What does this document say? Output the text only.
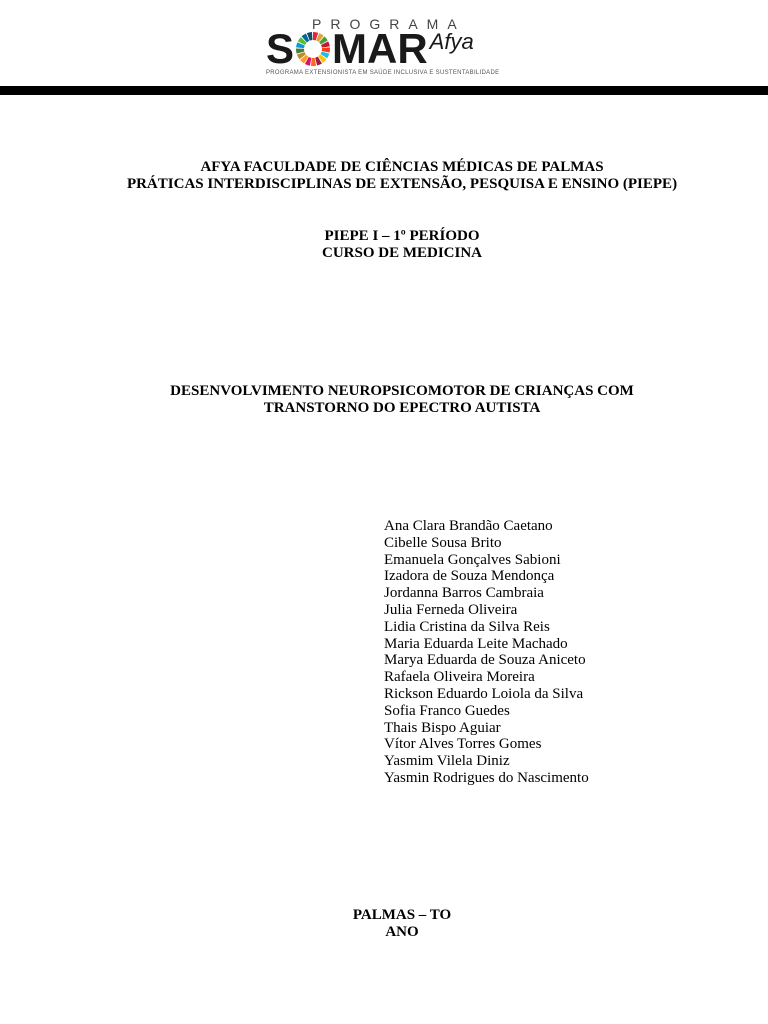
PROGRAMA
S MAR Afya
PROGRAMA EXTENSIONISTA EM SAÚDE INCLUSIVA E SUSTENTABILIDADE
AFYA FACULDADE DE CIÊNCIAS MÉDICAS DE PALMAS
PRÁTICAS INTERDISCIPLINAS DE EXTENSÃO, PESQUISA E ENSINO (PIEPE)
PIEPE I – 1º PERÍODO
CURSO DE MEDICINA
DESENVOLVIMENTO NEUROPSICOMOTOR DE CRIANÇAS COM
TRANSTORNO DO EPECTRO AUTISTA
Ana Clara Brandão Caetano
Cibelle Sousa Brito
Emanuela Gonçalves Sabioni
Izadora de Souza Mendonça
Jordanna Barros Cambraia
Julia Ferneda Oliveira
Lidia Cristina da Silva Reis
Maria Eduarda Leite Machado
Marya Eduarda de Souza Aniceto
Rafaela Oliveira Moreira
Rickson Eduardo Loiola da Silva
Sofia Franco Guedes
Thais Bispo Aguiar
Vítor Alves Torres Gomes
Yasmim Vilela Diniz
Yasmin Rodrigues do Nascimento
PALMAS – TO
ANO
